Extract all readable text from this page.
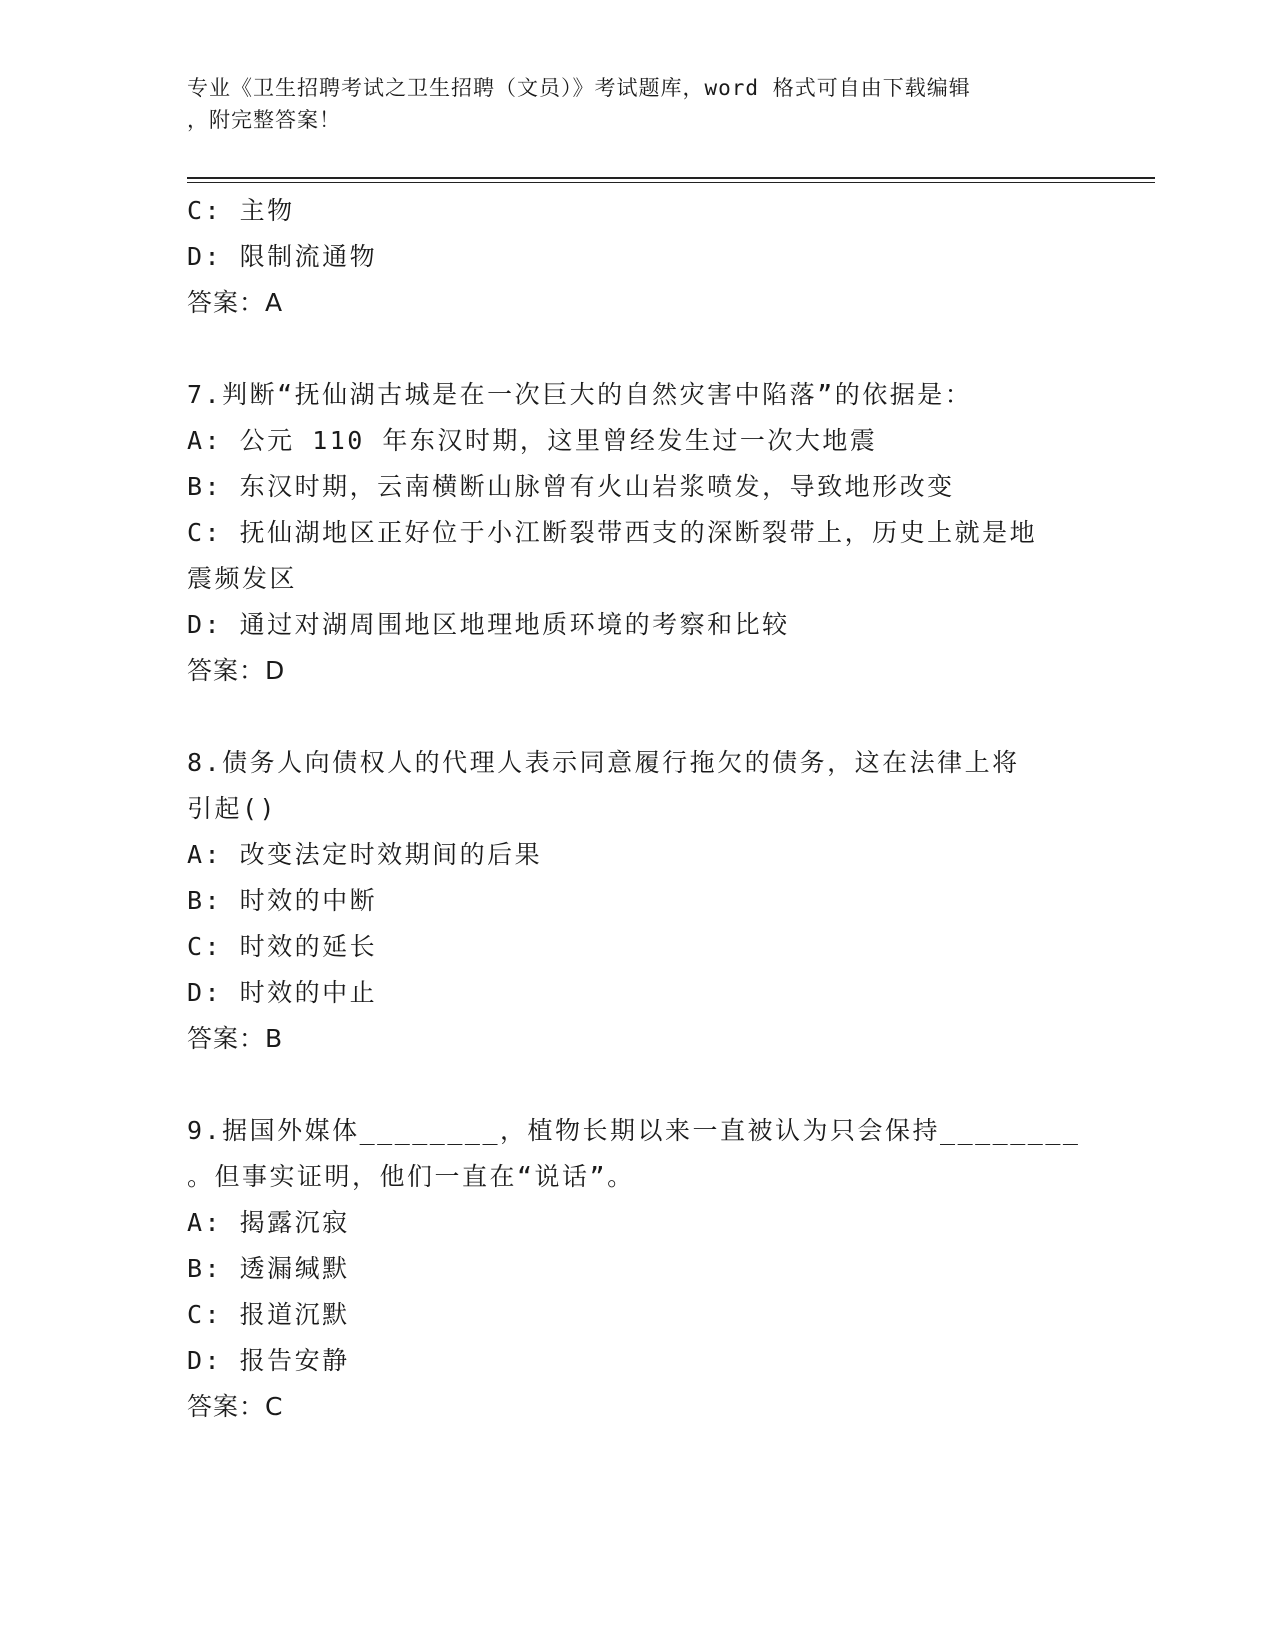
专业《卫生招聘考试之卫生招聘（文员）》考试题库，word 格式可自由下载编辑
，附完整答案！
C: 主物
D: 限制流通物
答案：A
7.判断“抚仙湖古城是在一次巨大的自然灾害中陷落”的依据是：
A: 公元 110 年东汉时期，这里曾经发生过一次大地震
B: 东汉时期，云南横断山脉曾有火山岩浆喷发，导致地形改变
C: 抚仙湖地区正好位于小江断裂带西支的深断裂带上，历史上就是地
震频发区
D: 通过对湖周围地区地理地质环境的考察和比较
答案：D
8.债务人向债权人的代理人表示同意履行拖欠的债务，这在法律上将
引起()
A: 改变法定时效期间的后果
B: 时效的中断
C: 时效的延长
D: 时效的中止
答案：B
9.据国外媒体________，植物长期以来一直被认为只会保持________
。但事实证明，他们一直在“说话”。
A: 揭露沉寂
B: 透漏缄默
C: 报道沉默
D: 报告安静
答案：C
